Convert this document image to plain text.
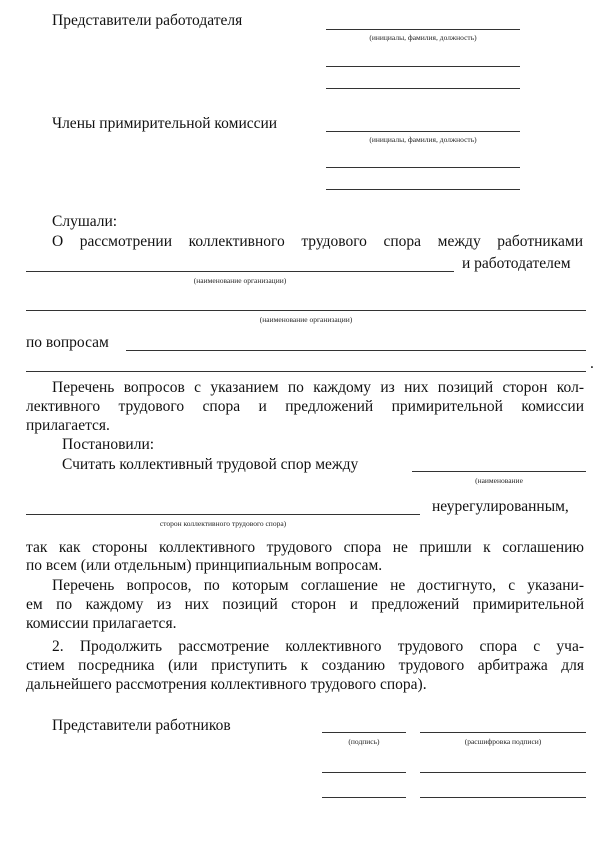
Представители работодателя
(инициалы, фамилия, должность)
Члены примирительной комиссии
(инициалы, фамилия, должность)
Слушали:
О рассмотрении коллективного трудового спора между работниками
и работодателем
(наименование организации)
(наименование организации)
по вопросам
.
Перечень вопросов с указанием по каждому из них позиций сторон кол-
лективного трудового спора и предложений примирительной комиссии
прилагается.
Постановили:
Считать коллективный трудовой спор между
(наименование
неурегулированным,
сторон коллективного трудового спора)
так как стороны коллективного трудового спора не пришли к соглашению
по всем (или отдельным) принципиальным вопросам.
Перечень вопросов, по которым соглашение не достигнуто, с указани-
ем по каждому из них позиций сторон и предложений примирительной
комиссии прилагается.
2. Продолжить рассмотрение коллективного трудового спора с уча-
стием посредника (или приступить к созданию трудового арбитража для
дальнейшего рассмотрения коллективного трудового спора).
Представители работников
(подпись)	(расшифровка подписи)
